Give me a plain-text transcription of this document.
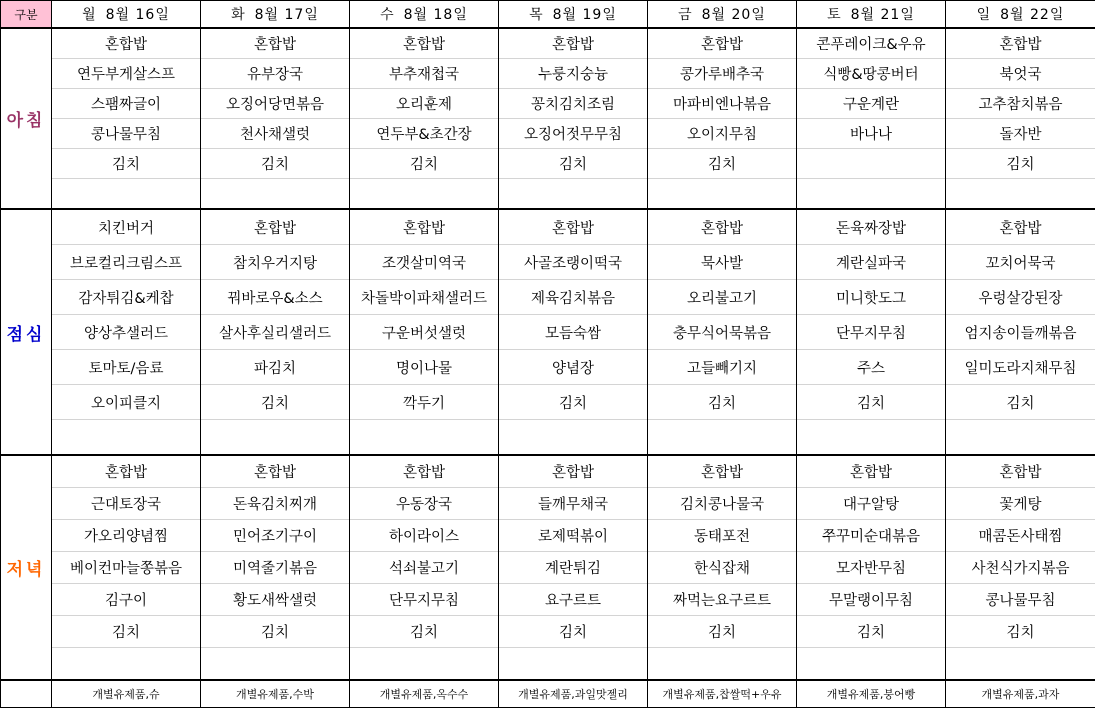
구분	월 8월 16일	화 8월 17일	수 8월 18일	목 8월 19일	금 8월 20일	토 8월 21일	일 8월 22일
아침	혼합밥	혼합밥	혼합밥	혼합밥	혼합밥	콘푸레이크&우유	혼합밥
	연두부게살스프	유부장국	부추재첩국	누룽지숭늉	콩가루배추국	식빵&땅콩버터	북엇국
	스팸짜글이	오징어당면볶음	오리훈제	꽁치김치조림	마파비엔나볶음	구운계란	고추참치볶음
	콩나물무침	천사채샐럿	연두부&초간장	오징어젓무무침	오이지무침	바나나	돌자반
	김치	김치	김치	김치	김치		김치

점심	치킨버거	혼합밥	혼합밥	혼합밥	혼합밥	돈육짜장밥	혼합밥
	브로컬리크림스프	참치우거지탕	조갯살미역국	사골조랭이떡국	묵사발	계란실파국	꼬치어묵국
	감자튀김&케찹	꿔바로우&소스	차돌박이파채샐러드	제육김치볶음	오리불고기	미니핫도그	우렁살강된장
	양상추샐러드	살사후실리샐러드	구운버섯샐럿	모듬숙쌈	충무식어묵볶음	단무지무침	엄지송이들깨볶음
	토마토/음료	파김치	명이나물	양념장	고들빼기지	주스	일미도라지채무침
	오이피클지	김치	깍두기	김치	김치	김치	김치

저녁	혼합밥	혼합밥	혼합밥	혼합밥	혼합밥	혼합밥	혼합밥
	근대토장국	돈육김치찌개	우동장국	들깨무채국	김치콩나물국	대구알탕	꽃게탕
	가오리양념찜	민어조기구이	하이라이스	로제떡볶이	동태포전	쭈꾸미순대볶음	매콤돈사태찜
	베이컨마늘쫑볶음	미역줄기볶음	석쇠불고기	계란튀김	한식잡채	모자반무침	사천식가지볶음
	김구이	황도새싹샐럿	단무지무침	요구르트	짜먹는요구르트	무말랭이무침	콩나물무침
	김치	김치	김치	김치	김치	김치	김치

	개별유제품,슈	개별유제품,수박	개별유제품,옥수수	개별유제품,과일맛젤리	개별유제품,찹쌀떡+우유	개별유제품,붕어빵	개별유제품,과자
